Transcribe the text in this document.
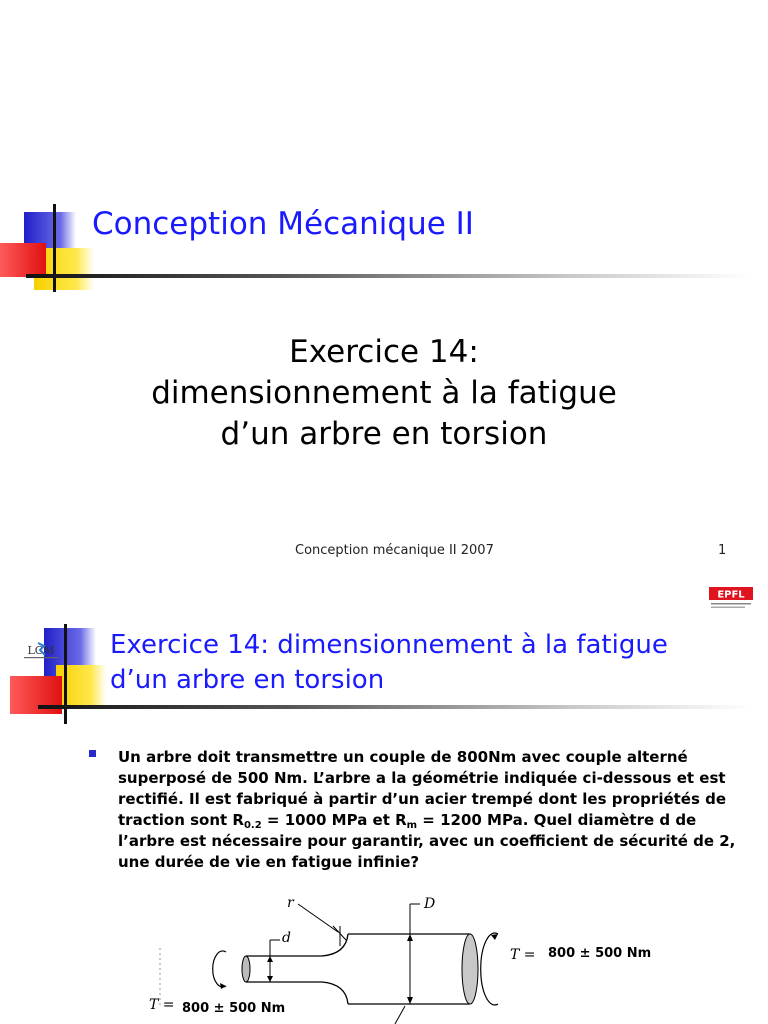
Conception Mécanique II
Exercice 14:
dimensionnement à la fatigue
d’un arbre en torsion
Conception mécanique II 2007	1
EPFL
LCM Exercice 14: dimensionnement à la fatigue d’un arbre en torsion
Un arbre doit transmettre un couple de 800Nm avec couple alterné superposé de 500 Nm. L’arbre a la géométrie indiquée ci-dessous et est rectifié. Il est fabriqué à partir d’un acier trempé dont les propriétés de traction sont $R_{0.2} = 1000$ MPa et $R_m = 1200$ MPa. Quel diamètre d de l’arbre est nécessaire pour garantir, avec un coefficient de sécurité de 2, une durée de vie en fatigue infinie?
r
d
D
T =
T =
800 ± 500 Nm
800 ± 500 Nm
